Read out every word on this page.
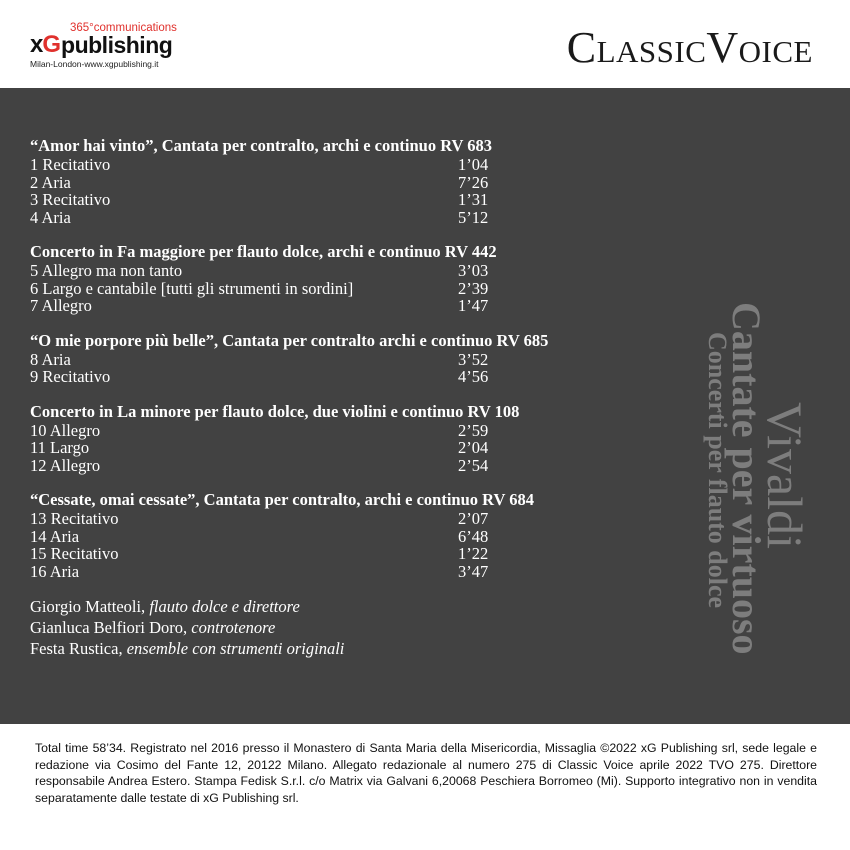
365°communications
x G publishing
Milan-London-www.xgpublishing.it	ClassicVoice
“Amor hai vinto”, Cantata per contralto, archi e continuo RV 683
1 Recitativo	1’04
2 Aria	7’26
3 Recitativo	1’31
4 Aria	5’12
Concerto in Fa maggiore per flauto dolce, archi e continuo RV 442
5 Allegro ma non tanto	3’03
6 Largo e cantabile [tutti gli strumenti in sordini]	2’39
7 Allegro	1’47
“O mie porpore più belle”, Cantata per contralto archi e continuo RV 685
8 Aria	3’52
9 Recitativo	4’56
Concerto in La minore per flauto dolce, due violini e continuo RV 108
10 Allegro	2’59
11 Largo	2’04
12 Allegro	2’54
“Cessate, omai cessate”, Cantata per contralto, archi e continuo RV 684
13 Recitativo	2’07
14 Aria	6’48
15 Recitativo	1’22
16 Aria	3’47
Giorgio Matteoli, flauto dolce e direttore
Gianluca Belfiori Doro, controtenore
Festa Rustica, ensemble con strumenti originali
Vivaldi
Cantate per virtuoso
Concerti per flauto dolce
Total time 58’34. Registrato nel 2016 presso il Monastero di Santa Maria della Misericordia, Missaglia ©2022 xG Publishing srl, sede legale e redazione via Cosimo del Fante 12, 20122 Milano. Allegato redazionale al numero 275 di Classic Voice aprile 2022 TVO 275. Direttore responsabile Andrea Estero. Stampa Fedisk S.r.l. c/o Matrix via Galvani 6,20068 Peschiera Borromeo (Mi). Supporto integrativo non in vendita separatamente dalle testate di xG Publishing srl.
